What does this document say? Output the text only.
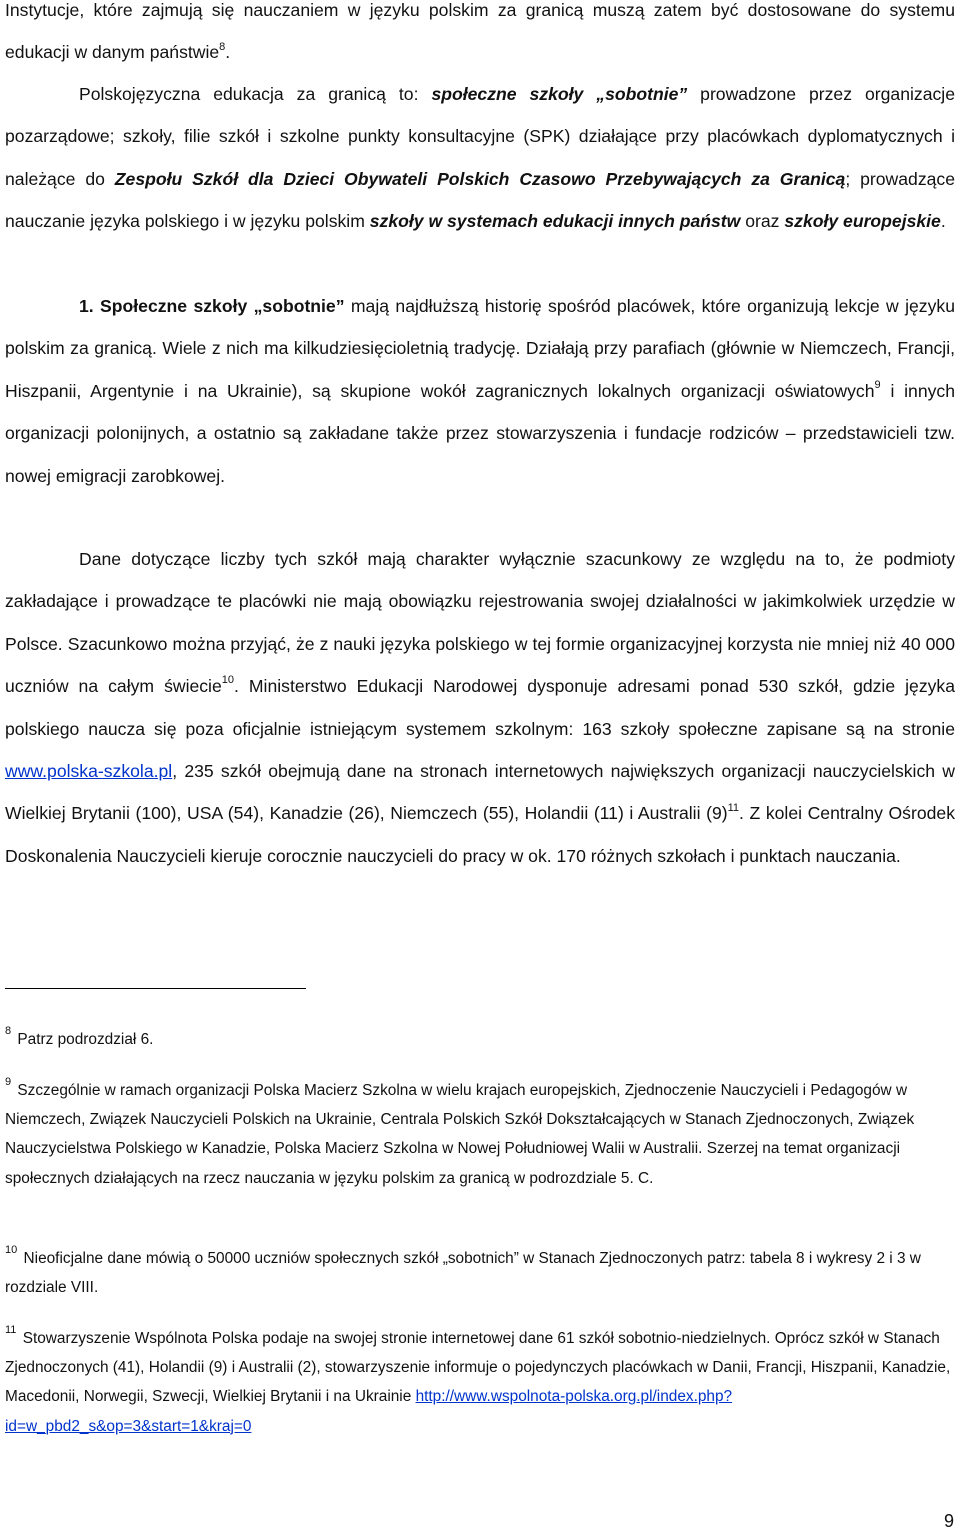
Instytucje, które zajmują się nauczaniem w języku polskim za granicą muszą zatem być dostosowane do systemu edukacji w danym państwie$^8$.

Polskojęzyczna edukacja za granicą to: społeczne szkoły „sobotnie” prowadzone przez organizacje pozarządowe; szkoły, filie szkół i szkolne punkty konsultacyjne (SPK) działające przy placówkach dyplomatycznych i należące do Zespołu Szkół dla Dzieci Obywateli Polskich Czasowo Przebywających za Granicą; prowadzące nauczanie języka polskiego i w języku polskim szkoły w systemach edukacji innych państw oraz szkoły europejskie.

1. Społeczne szkoły „sobotnie” mają najdłuższą historię spośród placówek, które organizują lekcje w języku polskim za granicą. Wiele z nich ma kilkudziesięcioletnią tradycję. Działają przy parafiach (głównie w Niemczech, Francji, Hiszpanii, Argentynie i na Ukrainie), są skupione wokół zagranicznych lokalnych organizacji oświatowych$^9$ i innych organizacji polonijnych, a ostatnio są zakładane także przez stowarzyszenia i fundacje rodziców – przedstawicieli tzw. nowej emigracji zarobkowej.

Dane dotyczące liczby tych szkół mają charakter wyłącznie szacunkowy ze względu na to, że podmioty zakładające i prowadzące te placówki nie mają obowiązku rejestrowania swojej działalności w jakimkolwiek urzędzie w Polsce. Szacunkowo można przyjąć, że z nauki języka polskiego w tej formie organizacyjnej korzysta nie mniej niż 40 000 uczniów na całym świecie$^{10}$. Ministerstwo Edukacji Narodowej dysponuje adresami ponad 530 szkół, gdzie języka polskiego naucza się poza oficjalnie istniejącym systemem szkolnym: 163 szkoły społeczne zapisane są na stronie www.polska-szkola.pl, 235 szkół obejmują dane na stronach internetowych największych organizacji nauczycielskich w Wielkiej Brytanii (100), USA (54), Kanadzie (26), Niemczech (55), Holandii (11) i Australii $(9)^{11}$. Z kolei Centralny Ośrodek Doskonalenia Nauczycieli kieruje corocznie nauczycieli do pracy w ok. 170 różnych szkołach i punktach nauczania.

$^8$ Patrz podrozdział 6.

$^9$ Szczególnie w ramach organizacji Polska Macierz Szkolna w wielu krajach europejskich, Zjednoczenie Nauczycieli i Pedagogów w Niemczech, Związek Nauczycieli Polskich na Ukrainie, Centrala Polskich Szkół Dokształcających w Stanach Zjednoczonych, Związek Nauczycielstwa Polskiego w Kanadzie, Polska Macierz Szkolna w Nowej Południowej Walii w Australii. Szerzej na temat organizacji społecznych działających na rzecz nauczania w języku polskim za granicą w podrozdziale 5. C.

$^{10}$ Nieoficjalne dane mówią o 50000 uczniów społecznych szkół „sobotnich” w Stanach Zjednoczonych patrz: tabela 8 i wykresy 2 i 3 w rozdziale VIII.

$^{11}$ Stowarzyszenie Wspólnota Polska podaje na swojej stronie internetowej dane 61 szkół sobotnio-niedzielnych. Oprócz szkół w Stanach Zjednoczonych (41), Holandii (9) i Australii (2), stowarzyszenie informuje o pojedynczych placówkach w Danii, Francji, Hiszpanii, Kanadzie, Macedonii, Norwegii, Szwecji, Wielkiej Brytanii i na Ukrainie http://www.wspolnota-polska.org.pl/index.php?id=w_pbd2_s&op=3&start=1&kraj=0

9
